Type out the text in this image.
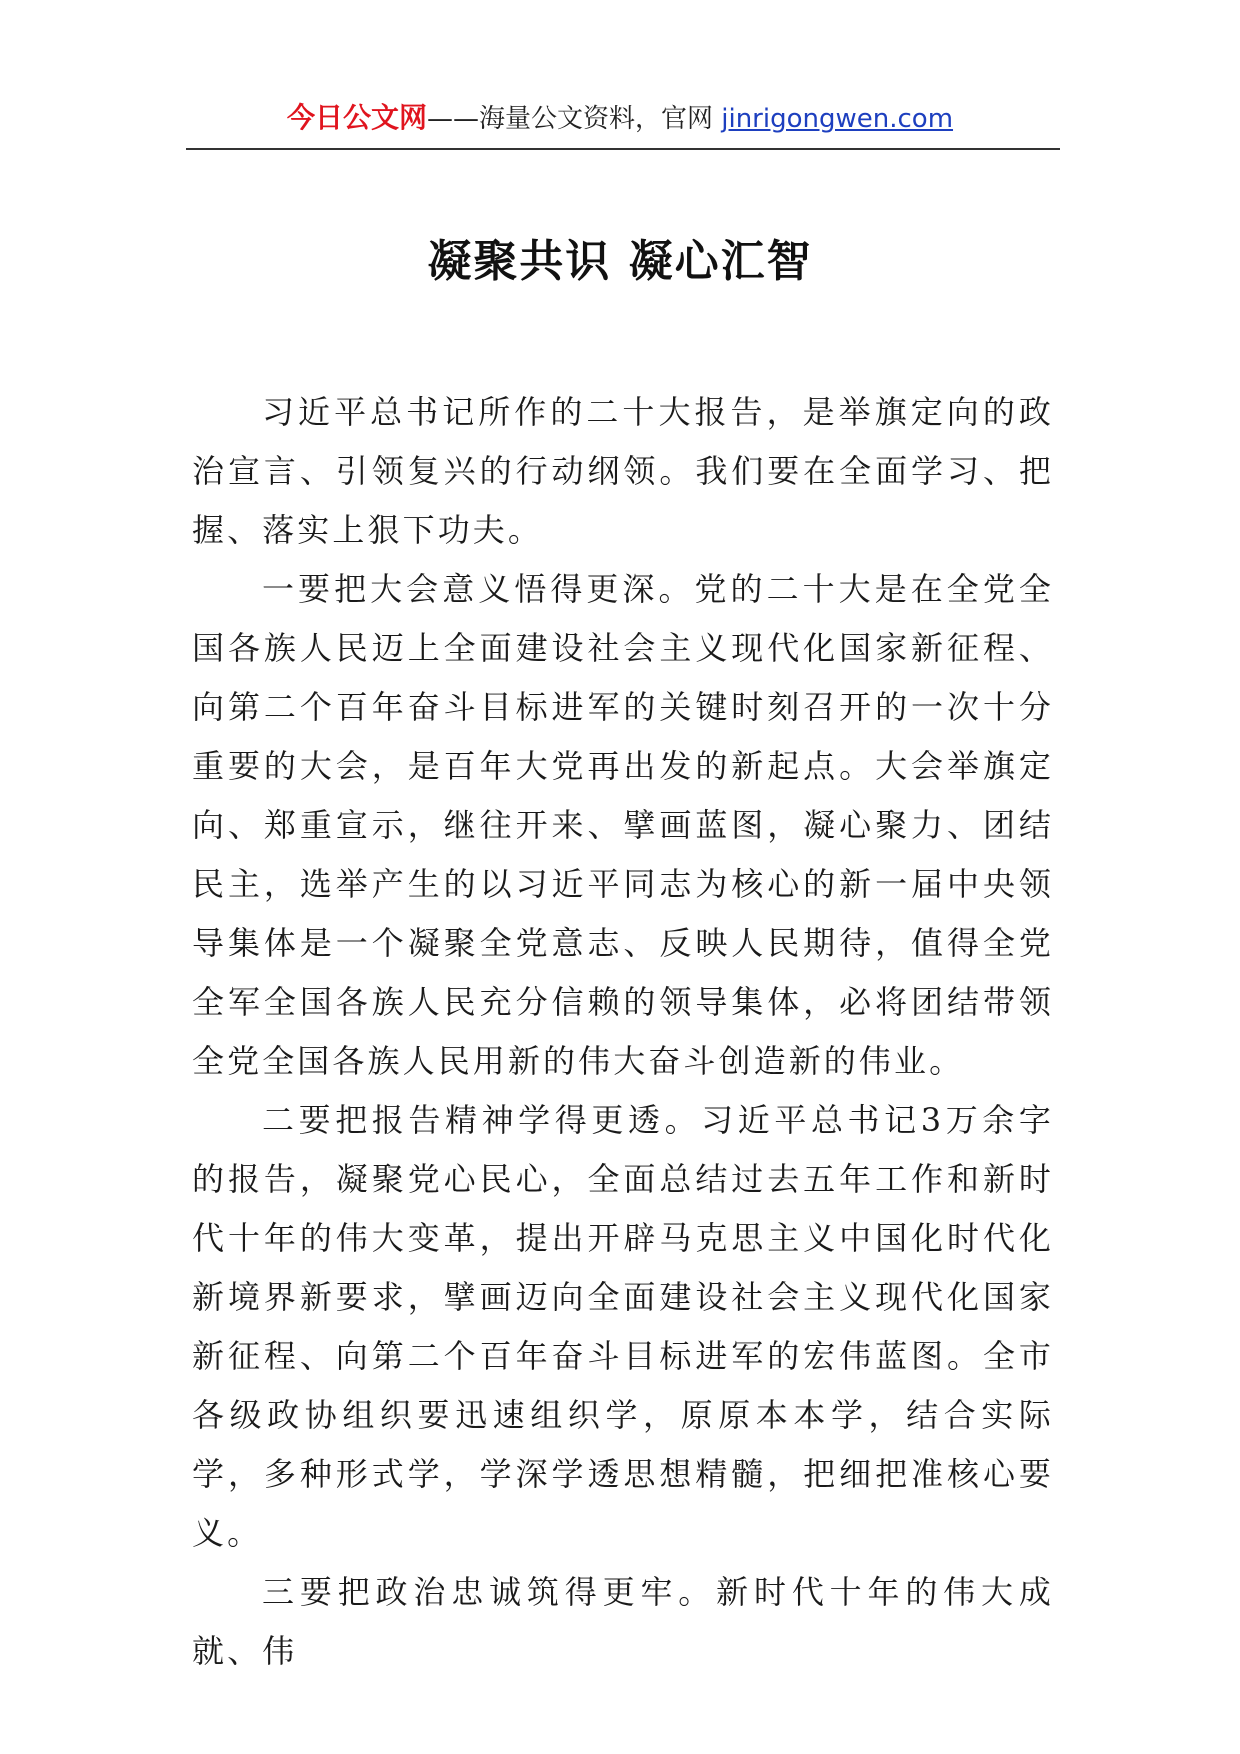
今日公文网——海量公文资料，官网 jinrigongwen.com
凝聚共识 凝心汇智

习近平总书记所作的二十大报告，是举旗定向的政治宣言、引领复兴的行动纲领。我们要在全面学习、把握、落实上狠下功夫。

一要把大会意义悟得更深。党的二十大是在全党全国各族人民迈上全面建设社会主义现代化国家新征程、向第二个百年奋斗目标进军的关键时刻召开的一次十分重要的大会，是百年大党再出发的新起点。大会举旗定向、郑重宣示，继往开来、擘画蓝图，凝心聚力、团结民主，选举产生的以习近平同志为核心的新一届中央领导集体是一个凝聚全党意志、反映人民期待，值得全党全军全国各族人民充分信赖的领导集体，必将团结带领全党全国各族人民用新的伟大奋斗创造新的伟业。

二要把报告精神学得更透。习近平总书记3万余字的报告，凝聚党心民心，全面总结过去五年工作和新时代十年的伟大变革，提出开辟马克思主义中国化时代化新境界新要求，擘画迈向全面建设社会主义现代化国家新征程、向第二个百年奋斗目标进军的宏伟蓝图。全市各级政协组织要迅速组织学，原原本本学，结合实际学，多种形式学，学深学透思想精髓，把细把准核心要义。

三要把政治忠诚筑得更牢。新时代十年的伟大成就、伟
